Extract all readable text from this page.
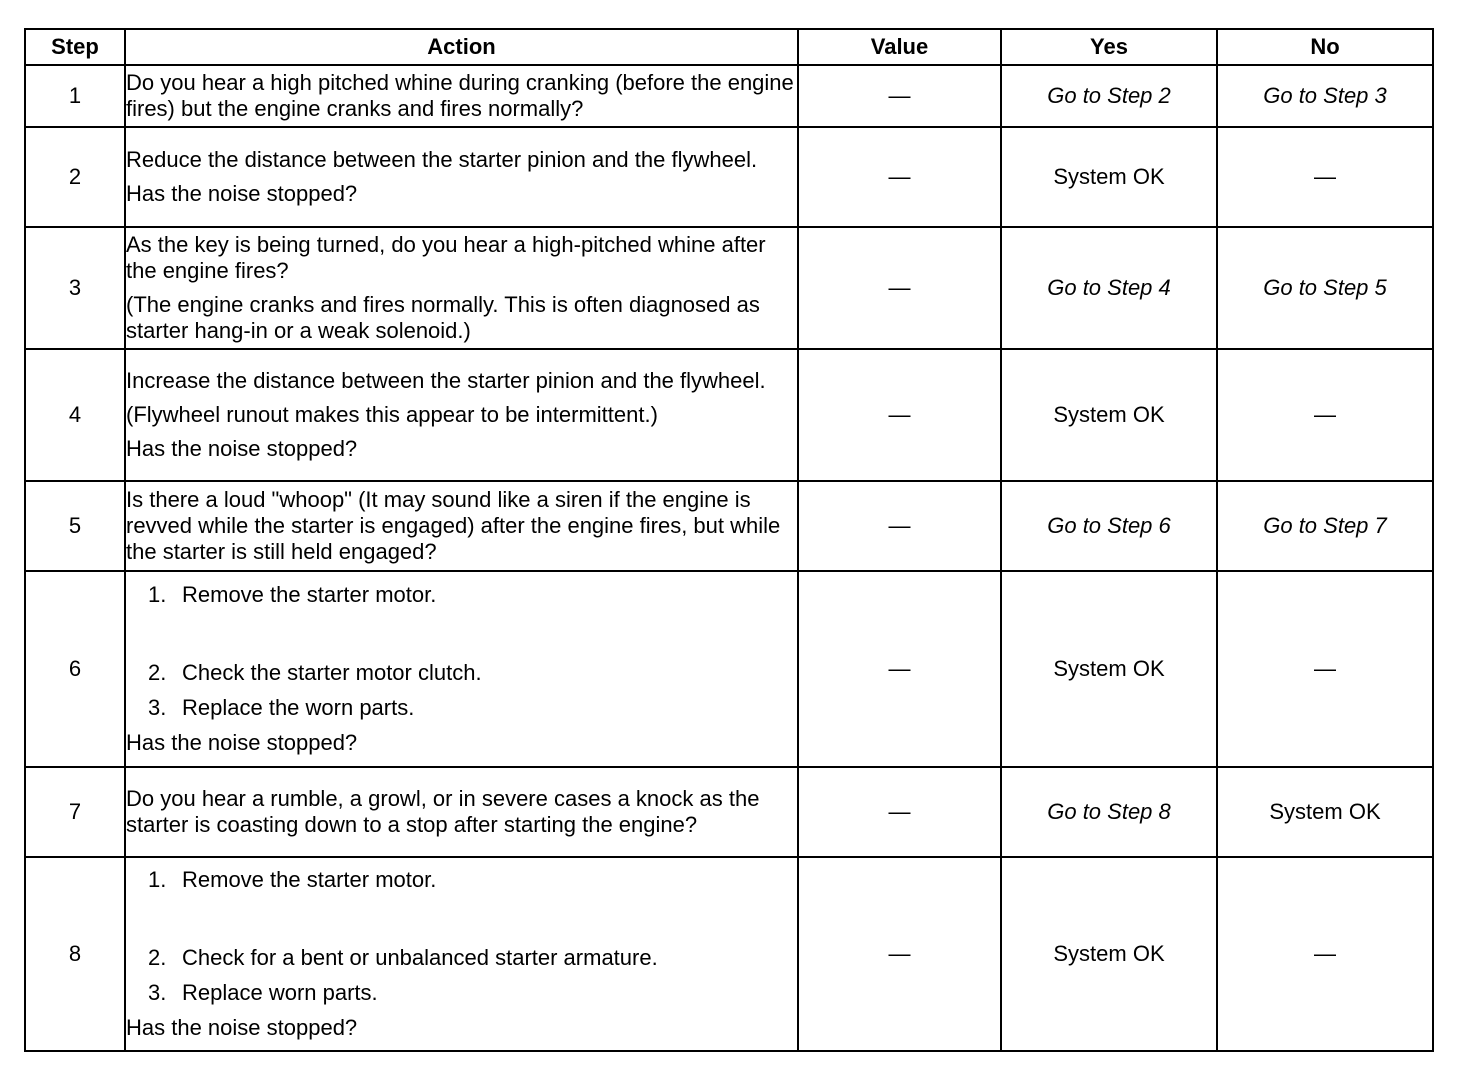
Step	Action	Value	Yes	No
1	Do you hear a high pitched whine during cranking (before the engine fires) but the engine cranks and fires normally?	—	Go to Step 2	Go to Step 3
2	Reduce the distance between the starter pinion and the flywheel.

Has the noise stopped?	—	System OK	—
3	As the key is being turned, do you hear a high-pitched whine after the engine fires?

(The engine cranks and fires normally. This is often diagnosed as starter hang-in or a weak solenoid.)	—	Go to Step 4	Go to Step 5
4	Increase the distance between the starter pinion and the flywheel.

(Flywheel runout makes this appear to be intermittent.)

Has the noise stopped?	—	System OK	—
5	Is there a loud "whoop" (It may sound like a siren if the engine is revved while the starter is engaged) after the engine fires, but while the starter is still held engaged?	—	Go to Step 6	Go to Step 7
6	1. Remove the starter motor.

2. Check the starter motor clutch.

3. Replace the worn parts.

Has the noise stopped?	—	System OK	—
7	Do you hear a rumble, a growl, or in severe cases a knock as the starter is coasting down to a stop after starting the engine?	—	Go to Step 8	System OK
8	1. Remove the starter motor.

2. Check for a bent or unbalanced starter armature.

3. Replace worn parts.

Has the noise stopped?	—	System OK	—
